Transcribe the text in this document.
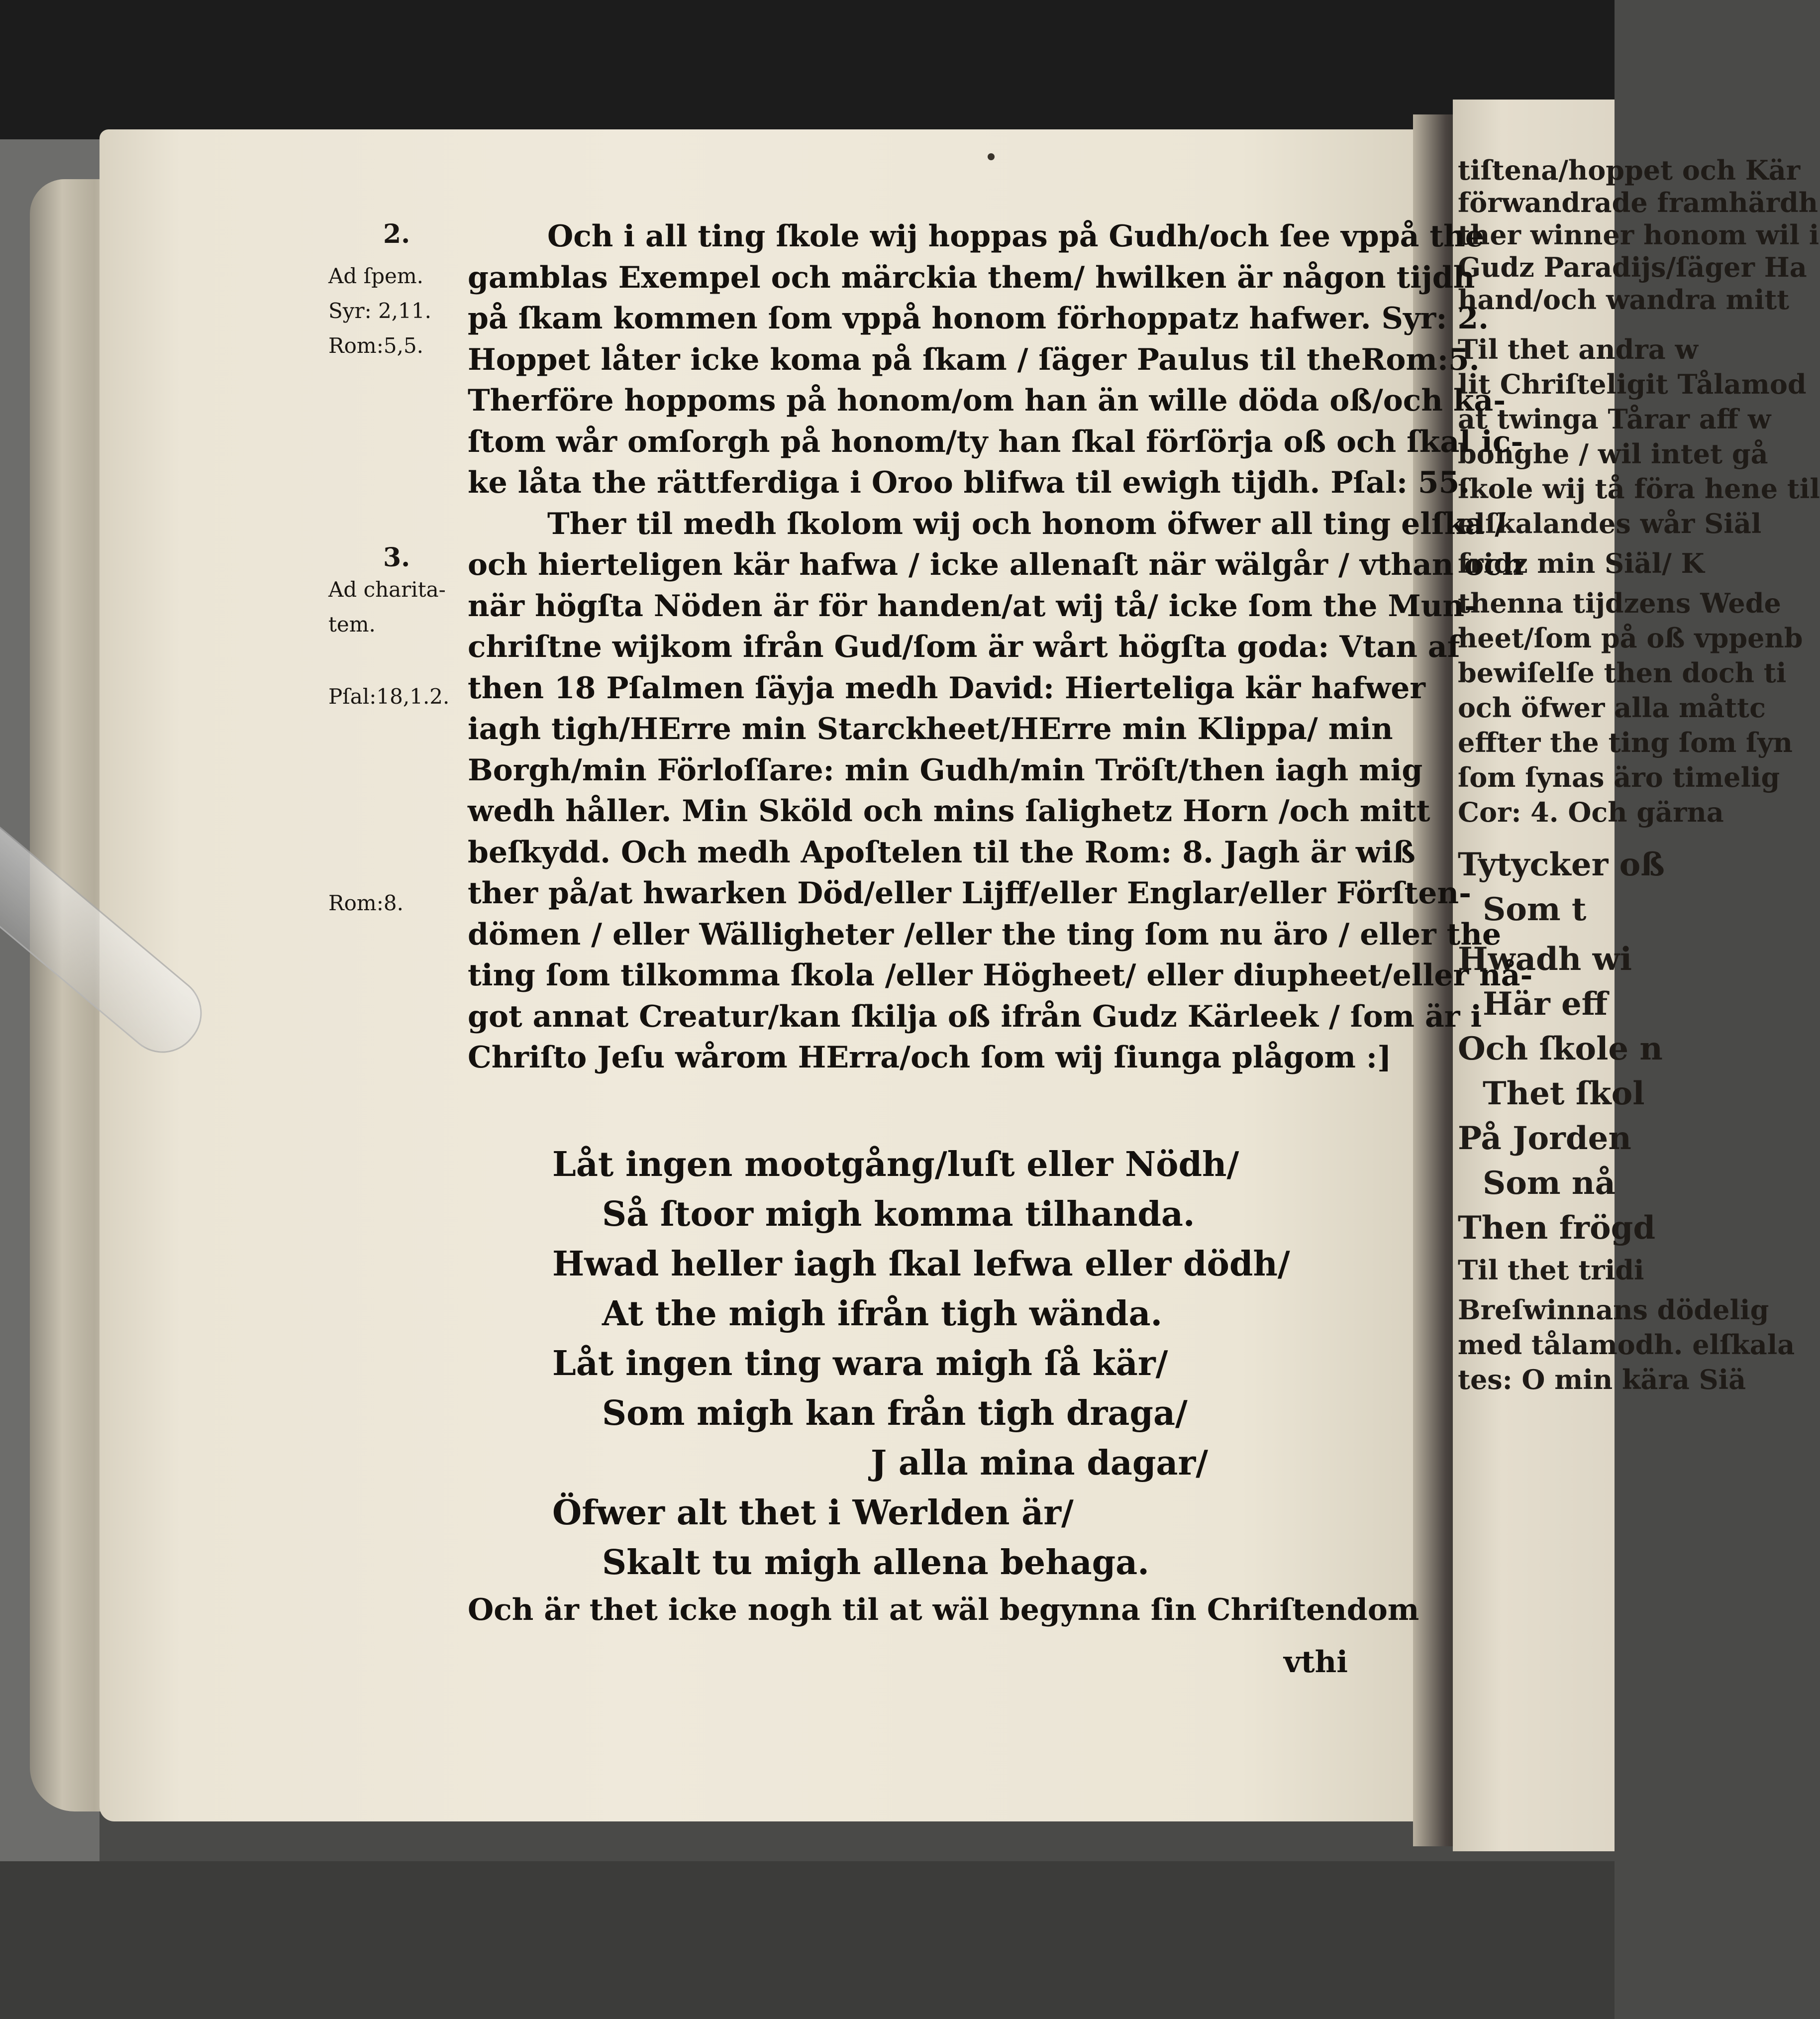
tiſtena/hoppet och Kär
förwandrade framhärdh
ther winner honom wil i
Gudz Paradijs/ſäger Ha
hand/och wandra mitt
Til thet andra w
lit Chriſteligit Tålamod
at twinga Tårar aff w
bonghe / wil intet gå
ſkole wij tå föra hene til
elſkalandes wår Siäl
fridz min Siäl/ K
thenna tijdzens Wede
heet/ſom på oß vppenb
bewiſelſe then doch ti
och öfwer alla måttc
effter the ting ſom ſyn
ſom ſynas äro timelig
Cor: 4. Och gärna
Tytycker oß
Som t
Hwadh wi
Här eff
Och ſkole n
Thet ſkol
På Jorden
Som nå
Then frögd
Til thet tridi
Breſwinnans dödelig
med tålamodh. elſkala
tes: O min kära Siä
2.
Ad ſpem.
Syr: 2,11.
Rom:5,5.
3.
Ad charita-
tem.
Pſal:18,1.2.
Rom:8.
Och i all ting ſkole wij hoppas på Gudh/och ſee vppå the
gamblas Exempel och märckia them/ hwilken är någon tijdh
på ſkam kommen ſom vppå honom förhoppatz hafwer. Syr: 2.
Hoppet låter icke koma på ſkam / ſäger Paulus til theRom:5.
Therföre hoppoms på honom/om han än wille döda oß/och ka-
ſtom wår omſorgh på honom/ty han ſkal förſörja oß och ſkal ic-
ke låta the rättferdiga i Oroo blifwa til ewigh tijdh. Pſal: 55.
Ther til medh ſkolom wij och honom öfwer all ting elſka /
och hierteligen kär hafwa / icke allenaſt när wälgår / vthan och
när högſta Nöden är för handen/at wij tå/ icke ſom the Mun-
chriſtne wijkom ifrån Gud/ſom är wårt högſta goda: Vtan af
then 18 Pſalmen ſäyja medh David: Hierteliga kär hafwer
iagh tigh/HErre min Starckheet/HErre min Klippa/ min
Borgh/min Förloſſare: min Gudh/min Tröſt/then iagh mig
wedh håller. Min Sköld och mins ſalighetz Horn /och mitt
beſkydd. Och medh Apoſtelen til the Rom: 8. Jagh är wiß
ther på/at hwarken Död/eller Lijff/eller Englar/eller Förſten-
dömen / eller Wälligheter /eller the ting ſom nu äro / eller the
ting ſom tilkomma ſkola /eller Högheet/ eller diupheet/eller nå-
got annat Creatur/kan ſkilja oß ifrån Gudz Kärleek / ſom är i
Chriſto Jeſu wårom HErra/och ſom wij ſiunga plågom :]
Låt ingen mootgång/luſt eller Nödh/
Så ſtoor migh komma tilhanda.
Hwad heller iagh ſkal lefwa eller dödh/
At the migh ifrån tigh wända.
Låt ingen ting wara migh ſå kär/
Som migh kan från tigh draga/
J alla mina dagar/
Öfwer alt thet i Werlden är/
Skalt tu migh allena behaga.
Och är thet icke nogh til at wäl begynna ſin Chriſtendom
vthi
